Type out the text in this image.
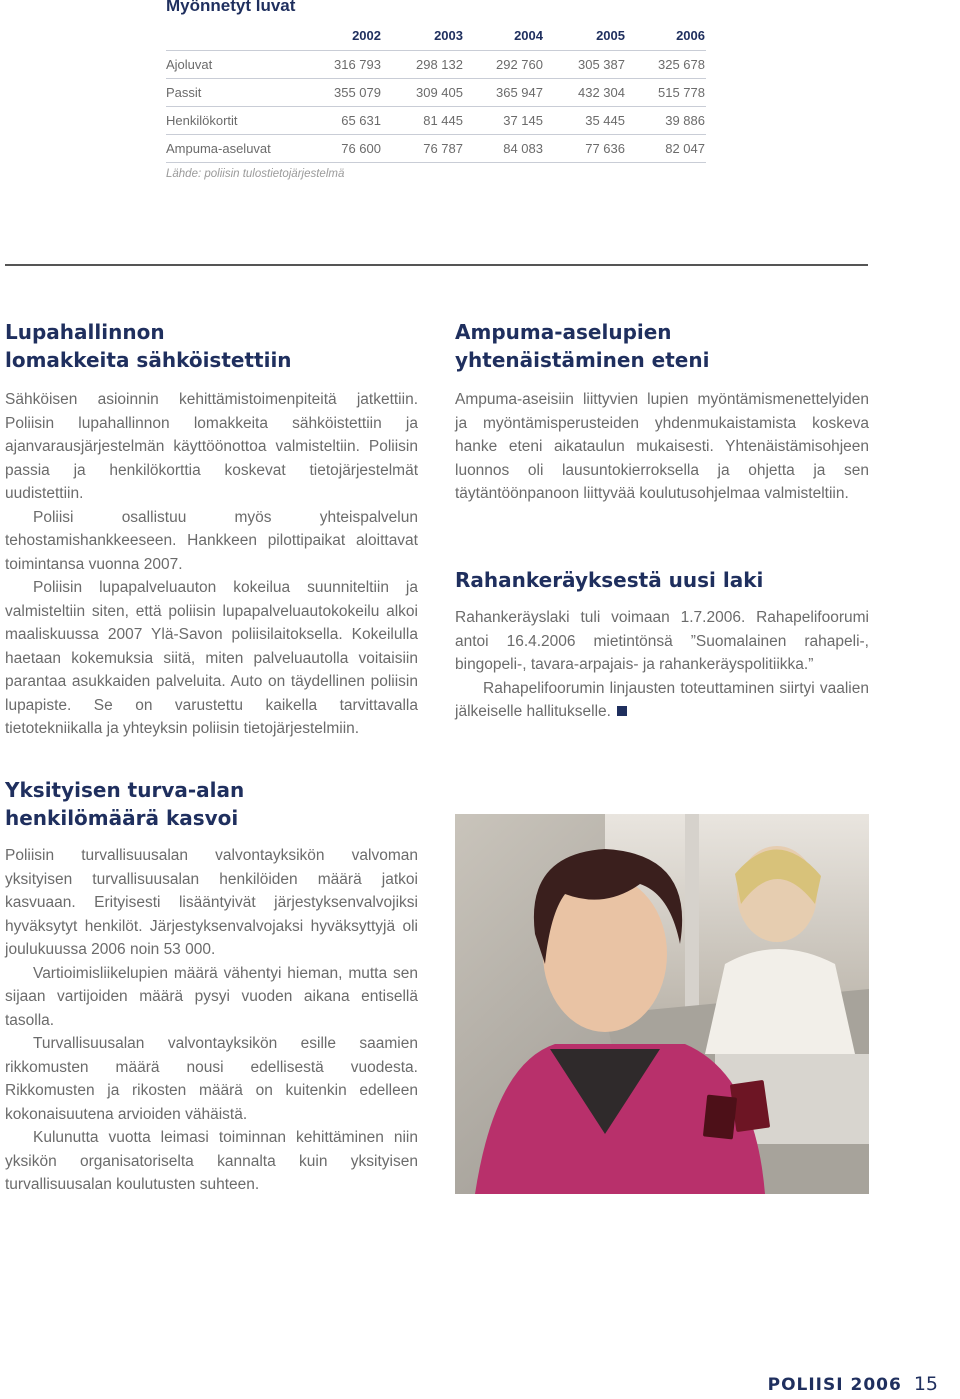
Myönnetyt luvat
2002	2003	2004	2005	2006
Ajoluvat	316 793	298 132	292 760	305 387	325 678
Passit	355 079	309 405	365 947	432 304	515 778
Henkilökortit	65 631	81 445	37 145	35 445	39 886
Ampuma-aseluvat	76 600	76 787	84 083	77 636	82 047
Lähde: poliisin tulostietojärjestelmä
Lupahallinnon
lomakkeita sähköistettiin

Sähköisen asioinnin kehittämistoimenpiteitä jatkettiin. Poliisin lupahallinnon lomakkeita sähköistettiin ja ajanvarausjärjestelmän käyttöönottoa valmisteltiin. Poliisin passia ja henkilökorttia koskevat tietojärjestelmät uudistettiin.

Poliisi osallistuu myös yhteispalvelun tehostamishankkeeseen. Hankkeen pilottipaikat aloittavat toimintansa vuonna 2007.

Poliisin lupapalveluauton kokeilua suunniteltiin ja valmisteltiin siten, että poliisin lupapalveluautokokeilu alkoi maaliskuussa 2007 Ylä-Savon poliisilaitoksella. Kokeilulla haetaan kokemuksia siitä, miten palveluautolla voitaisiin parantaa asukkaiden palveluita. Auto on täydellinen poliisin lupapiste. Se on varustettu kaikella tarvittavalla tietotekniikalla ja yhteyksin poliisin tietojärjestelmiin.

Ampuma-aselupien
yhtenäistäminen eteni

Ampuma-aseisiin liittyvien lupien myöntämismenettelyiden ja myöntämisperusteiden yhdenmukaistamista koskeva hanke eteni aikataulun mukaisesti. Yhtenäistämisohjeen luonnos oli lausuntokierroksella ja ohjetta ja sen täytäntöönpanoon liittyvää koulutusohjelmaa valmisteltiin.

Rahankeräyksestä uusi laki

Rahankeräyslaki tuli voimaan 1.7.2006. Rahapelifoorumi antoi 16.4.2006 mietintönsä ”Suomalainen rahapeli-, bingopeli-, tavara-arpajais- ja rahankeräyspolitiikka.”

Rahapelifoorumin linjausten toteuttaminen siirtyi vaalien jälkeiselle hallitukselle.

Yksityisen turva-alan
henkilömäärä kasvoi

Poliisin turvallisuusalan valvontayksikön valvoman yksityisen turvallisuusalan henkilöiden määrä jatkoi kasvuaan. Erityisesti lisääntyivät järjestyksenvalvojiksi hyväksytyt henkilöt. Järjestyksenvalvojaksi hyväksyttyjä oli joulukuussa 2006 noin 53 000.

Vartioimisliikelupien määrä vähentyi hieman, mutta sen sijaan vartijoiden määrä pysyi vuoden aikana entisellä tasolla.

Turvallisuusalan valvontayksikön esille saamien rikkomusten määrä nousi edellisestä vuodesta. Rikkomusten ja rikosten määrä on kuitenkin edelleen kokonaisuutena arvioiden vähäistä.

Kulunutta vuotta leimasi toiminnan kehittäminen niin yksikön organisatoriselta kannalta kuin yksityisen turvallisuusalan koulutusten suhteen.

POLIISI 2006 15
